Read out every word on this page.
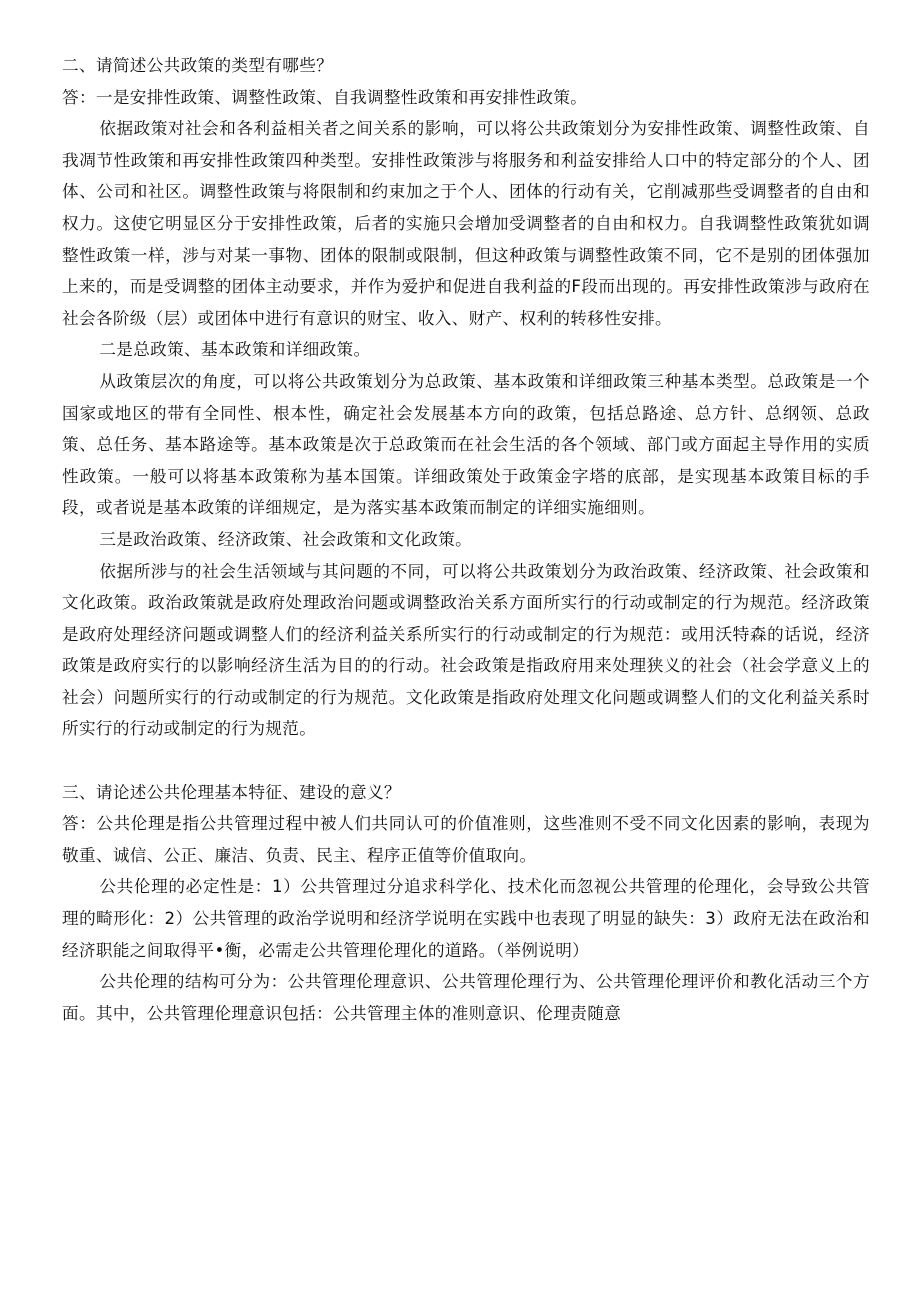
二、请简述公共政策的类型有哪些？

答：一是安排性政策、调整性政策、自我调整性政策和再安排性政策。

依据政策对社会和各利益相关者之间关系的影响，可以将公共政策划分为安排性政策、调整性政策、自我凋节性政策和再安排性政策四种类型。安排性政策涉与将服务和利益安排给人口中的特定部分的个人、团体、公司和社区。调整性政策与将限制和约束加之于个人、团体的行动有关，它削减那些受调整者的自由和权力。这使它明显区分于安排性政策，后者的实施只会增加受调整者的自由和权力。自我调整性政策犹如调整性政策一样，涉与对某一事物、团体的限制或限制，但这种政策与调整性政策不同，它不是别的团体强加上来的，而是受调整的团体主动要求，并作为爱护和促进自我利益的F段而出现的。再安排性政策涉与政府在社会各阶级（层）或团体中进行有意识的财宝、收入、财产、权利的转移性安排。

二是总政策、基本政策和详细政策。

从政策层次的角度，可以将公共政策划分为总政策、基本政策和详细政策三种基本类型。总政策是一个国家或地区的带有全同性、根本性，确定社会发展基本方向的政策，包括总路途、总方针、总纲领、总政策、总任务、基本路途等。基本政策是次于总政策而在社会生活的各个领域、部门或方面起主导作用的实质性政策。一般可以将基本政策称为基本国策。详细政策处于政策金字塔的底部，是实现基本政策目标的手段，或者说是基本政策的详细规定，是为落实基本政策而制定的详细实施细则。

三是政治政策、经济政策、社会政策和文化政策。

依据所涉与的社会生活领域与其问题的不同，可以将公共政策划分为政治政策、经济政策、社会政策和文化政策。政治政策就是政府处理政治问题或调整政治关系方面所实行的行动或制定的行为规范。经济政策是政府处理经济问题或调整人们的经济利益关系所实行的行动或制定的行为规范：或用沃特森的话说，经济政策是政府实行的以影响经济生活为目的的行动。社会政策是指政府用来处理狭义的社会（社会学意义上的社会）问题所实行的行动或制定的行为规范。文化政策是指政府处理文化问题或调整人们的文化利益关系时所实行的行动或制定的行为规范。

三、请论述公共伦理基本特征、建设的意义？

答：公共伦理是指公共管理过程中被人们共同认可的价值准则，这些准则不受不同文化因素的影响，表现为敬重、诚信、公正、廉洁、负责、民主、程序正值等价值取向。

公共伦理的必定性是：1）公共管理过分追求科学化、技术化而忽视公共管理的伦理化，会导致公共管理的畸形化：2）公共管理的政治学说明和经济学说明在实践中也表现了明显的缺失：3）政府无法在政治和经济职能之间取得平•衡，必需走公共管理伦理化的道路。（举例说明）

公共伦理的结构可分为：公共管理伦理意识、公共管理伦理行为、公共管理伦理评价和教化活动三个方面。其中，公共管理伦理意识包括：公共管理主体的准则意识、伦理责随意
